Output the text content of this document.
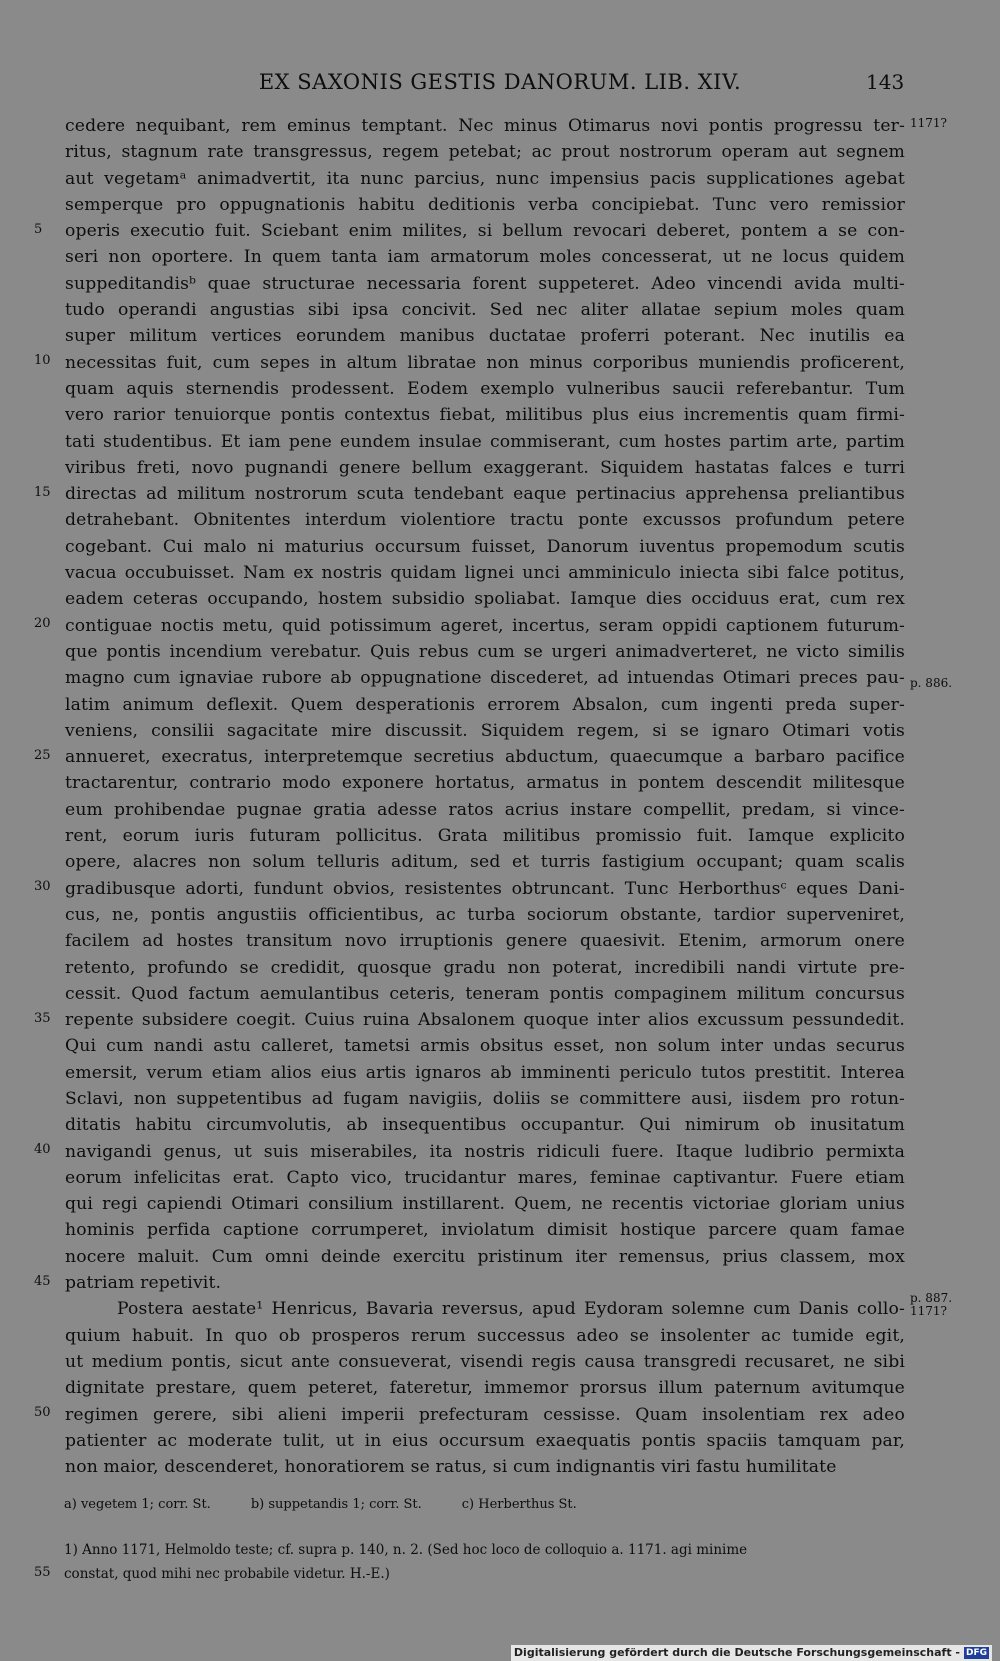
EX SAXONIS GESTIS DANORUM. LIB. XIV.	143
cedere nequibant, rem eminus temptant. Nec minus Otimarus novi pontis progressu ter-
ritus, stagnum rate transgressus, regem petebat; ac prout nostrorum operam aut segnem
aut vegetamᵃ animadvertit, ita nunc parcius, nunc impensius pacis supplicationes agebat
semperque pro oppugnationis habitu deditionis verba concipiebat. Tunc vero remissior
operis executio fuit. Sciebant enim milites, si bellum revocari deberet, pontem a se con-
seri non oportere. In quem tanta iam armatorum moles concesserat, ut ne locus quidem
suppeditandisᵇ quae structurae necessaria forent suppeteret. Adeo vincendi avida multi-
tudo operandi angustias sibi ipsa concivit. Sed nec aliter allatae sepium moles quam
super militum vertices eorundem manibus ductatae proferri poterant. Nec inutilis ea
necessitas fuit, cum sepes in altum libratae non minus corporibus muniendis proficerent,
quam aquis sternendis prodessent. Eodem exemplo vulneribus saucii referebantur. Tum
vero rarior tenuiorque pontis contextus fiebat, militibus plus eius incrementis quam firmi-
tati studentibus. Et iam pene eundem insulae commiserant, cum hostes partim arte, partim
viribus freti, novo pugnandi genere bellum exaggerant. Siquidem hastatas falces e turri
directas ad militum nostrorum scuta tendebant eaque pertinacius apprehensa preliantibus
detrahebant. Obnitentes interdum violentiore tractu ponte excussos profundum petere
cogebant. Cui malo ni maturius occursum fuisset, Danorum iuventus propemodum scutis
vacua occubuisset. Nam ex nostris quidam lignei unci amminiculo iniecta sibi falce potitus,
eadem ceteras occupando, hostem subsidio spoliabat. Iamque dies occiduus erat, cum rex
contiguae noctis metu, quid potissimum ageret, incertus, seram oppidi captionem futurum-
que pontis incendium verebatur. Quis rebus cum se urgeri animadverteret, ne victo similis
magno cum ignaviae rubore ab oppugnatione discederet, ad intuendas Otimari preces pau-
latim animum deflexit. Quem desperationis errorem Absalon, cum ingenti preda super-
veniens, consilii sagacitate mire discussit. Siquidem regem, si se ignaro Otimari votis
annueret, execratus, interpretemque secretius abductum, quaecumque a barbaro pacifice
tractarentur, contrario modo exponere hortatus, armatus in pontem descendit militesque
eum prohibendae pugnae gratia adesse ratos acrius instare compellit, predam, si vince-
rent, eorum iuris futuram pollicitus. Grata militibus promissio fuit. Iamque explicito
opere, alacres non solum telluris aditum, sed et turris fastigium occupant; quam scalis
gradibusque adorti, fundunt obvios, resistentes obtruncant. Tunc Herborthusᶜ eques Dani-
cus, ne, pontis angustiis officientibus, ac turba sociorum obstante, tardior superveniret,
facilem ad hostes transitum novo irruptionis genere quaesivit. Etenim, armorum onere
retento, profundo se credidit, quosque gradu non poterat, incredibili nandi virtute pre-
cessit. Quod factum aemulantibus ceteris, teneram pontis compaginem militum concursus
repente subsidere coegit. Cuius ruina Absalonem quoque inter alios excussum pessundedit.
Qui cum nandi astu calleret, tametsi armis obsitus esset, non solum inter undas securus
emersit, verum etiam alios eius artis ignaros ab imminenti periculo tutos prestitit. Interea
Sclavi, non suppetentibus ad fugam navigiis, doliis se committere ausi, iisdem pro rotun-
ditatis habitu circumvolutis, ab insequentibus occupantur. Qui nimirum ob inusitatum
navigandi genus, ut suis miserabiles, ita nostris ridiculi fuere. Itaque ludibrio permixta
eorum infelicitas erat. Capto vico, trucidantur mares, feminae captivantur. Fuere etiam
qui regi capiendi Otimari consilium instillarent. Quem, ne recentis victoriae gloriam unius
hominis perfida captione corrumperet, inviolatum dimisit hostique parcere quam famae
nocere maluit. Cum omni deinde exercitu pristinum iter remensus, prius classem, mox
patriam repetivit.
Postera aestate¹ Henricus, Bavaria reversus, apud Eydoram solemne cum Danis collo-
quium habuit. In quo ob prosperos rerum successus adeo se insolenter ac tumide egit,
ut medium pontis, sicut ante consueverat, visendi regis causa transgredi recusaret, ne sibi
dignitate prestare, quem peteret, fateretur, immemor prorsus illum paternum avitumque
regimen gerere, sibi alieni imperii prefecturam cessisse. Quam insolentiam rex adeo
patienter ac moderate tulit, ut in eius occursum exaequatis pontis spaciis tamquam par,
non maior, descenderet, honoratiorem se ratus, si cum indignantis viri fastu humilitate
5
10
15
20
25
30
35
40
45
50
55
1171?
p. 886.
p. 887.
1171?
a) vegetem 1; corr. St.	b) suppetandis 1; corr. St.	c) Herberthus St.
1) Anno 1171, Helmoldo teste; cf. supra p. 140, n. 2. (Sed hoc loco de colloquio a. 1171. agi minime
constat, quod mihi nec probabile videtur. H.-E.)
Digitalisierung gefördert durch die Deutsche Forschungsgemeinschaft - DFG
